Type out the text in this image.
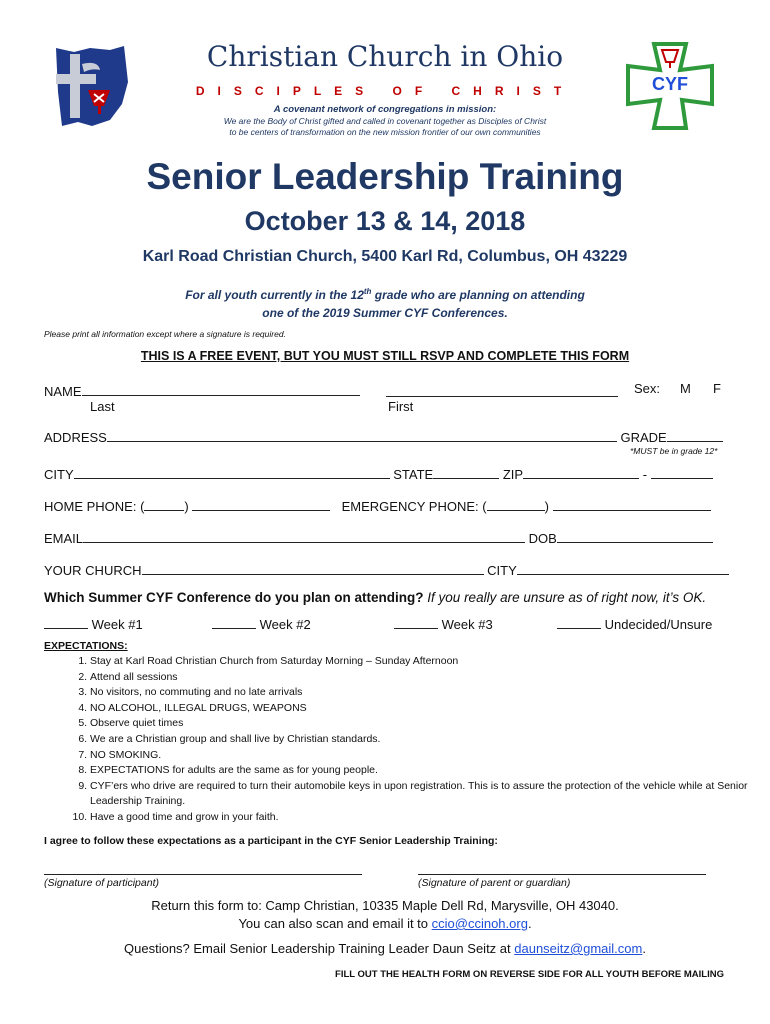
CYF
Christian Church in Ohio
DISCIPLES OF CHRIST
A covenant network of congregations in mission:
We are the Body of Christ gifted and called in covenant together as Disciples of Christ
to be centers of transformation on the new mission frontier of our own communities
Senior Leadership Training
October 13 & 14, 2018
Karl Road Christian Church, 5400 Karl Rd, Columbus, OH 43229
For all youth currently in the 12th grade who are planning on attending
one of the 2019 Summer CYF Conferences.
Please print all information except where a signature is required.
THIS IS A FREE EVENT, BUT YOU MUST STILL RSVP AND COMPLETE THIS FORM
NAME	Sex: M F
Last	First
ADDRESS	GRADE
*MUST be in grade 12*
CITY	STATE	ZIP	-
HOME PHONE: (	)	EMERGENCY PHONE: (	)
EMAIL	DOB
YOUR CHURCH	CITY
Which Summer CYF Conference do you plan on attending? If you really are unsure as of right now, it’s OK.
Week #1	Week #2	Week #3	Undecided/Unsure
EXPECTATIONS:
1. Stay at Karl Road Christian Church from Saturday Morning – Sunday Afternoon
2. Attend all sessions
3. No visitors, no commuting and no late arrivals
4. NO ALCOHOL, ILLEGAL DRUGS, WEAPONS
5. Observe quiet times
6. We are a Christian group and shall live by Christian standards.
7. NO SMOKING.
8. EXPECTATIONS for adults are the same as for young people.
9. CYF’ers who drive are required to turn their automobile keys in upon registration. This is to assure the protection of the vehicle while at Senior Leadership Training.
10. Have a good time and grow in your faith.
I agree to follow these expectations as a participant in the CYF Senior Leadership Training:
(Signature of participant)	(Signature of parent or guardian)
Return this form to: Camp Christian, 10335 Maple Dell Rd, Marysville, OH 43040.
You can also scan and email it to ccio@ccinoh.org.
Questions? Email Senior Leadership Training Leader Daun Seitz at daunseitz@gmail.com.
FILL OUT THE HEALTH FORM ON REVERSE SIDE FOR ALL YOUTH BEFORE MAILING
